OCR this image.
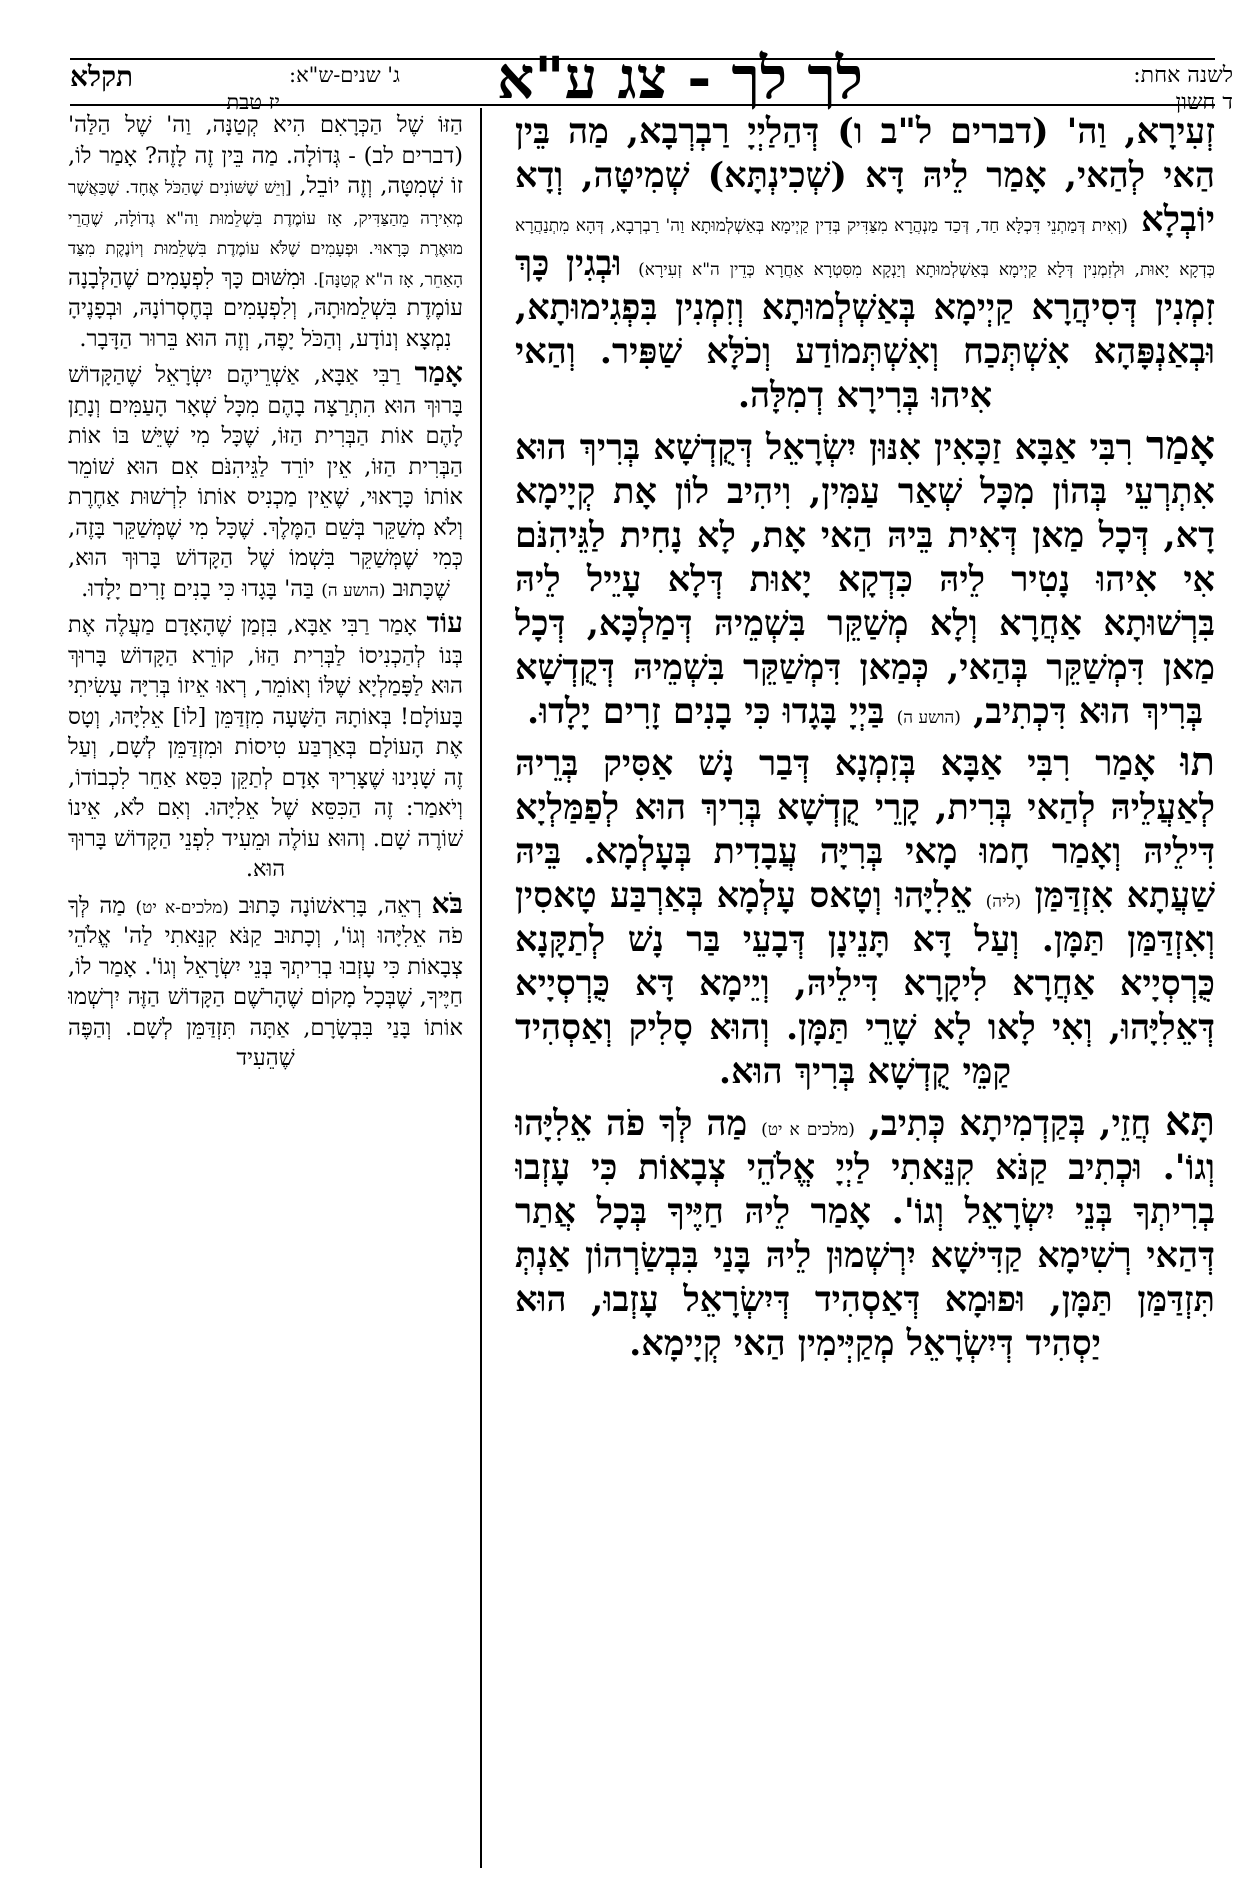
לשנה אחת:
ד חשון
לך לך - צג ע"א
ג' שנים-ש"א:
יז טבת
תקלא

זְעִירָא, וַה' (דברים ל"ב ו) דְּהַלַיְיָ רַבְרְבָא, מַה בֵּין הַאי לְהַאי, אָמַר לֵיהּ דָּא (שְׁכִינְתָּא) שְׁמִיטָּה, וְדָא יוֹבְלָא (וְאִית דְּמַתְנֵי דִּכְלָּא חַד, דְּכַד מַנְהֲרָא מִצַּדִּיק בְּדִין קַיְימָא בְּאַשְׁלְמוּתָא וַה' רַבְרְבָא, דְּהָא מִתְנַהֲרָא כְּדְקָא יָאוּת, וּלְזִמְנִין דְּלָא קַיְימָא בְּאַשְׁלְמוּתָא וְיַנְקָא מִסִּטְרָא אַחֲרָא כְּדֵין ה"א זְעִירָא) וּבְגִין כָּךְ זִמְנִין דְּסִיהֲרָא קַיְימָא בְּאַשְׁלְמוּתָא וְזִמְנִין בִּפְגִימוּתָא, וּבְאַנְפָּהָא אִשְׁתְּכַח וְאִשְׁתְּמוֹדַע וְכֹלָּא שַׁפִּיר. וְהַאי אִיהוּ בְּרִירָא דְמִלָּה.

אָמַר רִבִּי אַבָּא זַכָּאִין אִנּוּן יִשְׂרָאֵל דְּקֻדְשָׁא בְּרִיךְ הוּא אִתְרְעֵי בְּהוֹן מִכָּל שְׁאַר עַמִּין, וִיהִיב לוֹן אָת קְיָימָא דָא, דְּכָל מַאן דְּאִית בֵּיהּ הַאי אָת, לָא נָחִית לַגֵּיהִנֹּם אִי אִיהוּ נָטִיר לֵיהּ כִּדְקָא יָאוּת דְּלָא עָיֵיל לֵיהּ בִּרְשׁוּתָא אַחֲרָא וְלָא מְשַׁקֵּר בִּשְׁמֵיהּ דְּמַלְכָּא, דְּכָל מַאן דִּמְשַׁקֵּר בְּהַאי, כְּמַאן דִּמְשַׁקֵּר בִּשְׁמֵיהּ דְּקֻדְשָׁא בְּרִיךְ הוּא דִּכְתִיב, (הושע ה) בַּיְיָ בָּגָדוּ כִּי בָנִים זָרִים יָלָדוּ.

תוּ אָמַר רִבִּי אַבָּא בְּזִמְנָא דְּבַר נָשׁ אַסִּיק בְּרֵיהּ לְאַעֲלֵיהּ לְהַאי בְּרִית, קָרֵי קֻדְשָׁא בְּרִיךְ הוּא לְפַמַּלְיָא דִּילֵיהּ וְאָמַר חָמוּ מָאי בְּרִיָּה עֲבָדִית בְּעָלְמָא. בֵּיהּ שַׁעֲתָא אִזְדַּמַּן (ליה) אֵלִיָּהוּ וְטָאס עָלְמָא בְּאַרְבַּע טָאסִין וְאִזְדַּמַּן תַּמָּן. וְעַל דָּא תָּנֵינָן דְּבָעֵי בַּר נָשׁ לְתַקָּנָא כֻּרְסְיָיא אַחֲרָא לִיקָרָא דִּילֵיהּ, וְיֵימָא דָּא כֻּרְסְיָיא דְּאֵלִיָּהוּ, וְאִי לָאו לָא שָׁרֵי תַּמָּן. וְהוּא סָלִיק וְאַסְהִיד קַמֵּי קֻדְשָׁא בְּרִיךְ הוּא.

תָּא חֲזֵי, בְּקַדְמִיתָא כְּתִיב, (מלכים א יט) מַה לְּךָ פֹה אֵלִיָּהוּ וְגוֹ'. וּכְתִיב קַנֹּא קִנֵּאתִי לַיְיָ אֱלֹהֵי צְבָאוֹת כִּי עָזְבוּ בְרִיתְךָ בְּנֵי יִשְׂרָאֵל וְגוֹ'. אָמַר לֵיהּ חַיֶּיךָ בְּכָל אֲתַר דְּהַאי רְשִׁימָא קַדִּישָׁא יִרְשְׁמוּן לֵיהּ בָּנַי בִּבְשַׂרְהוֹן אַנְתְּ תִּזְדַּמַּן תַּמָּן, וּפוּמָא דְּאַסְהִיד דְּיִשְׂרָאֵל עָזְבוּ, הוּא יַסְהִיד דְּיִשְׂרָאֵל מְקַיְּימִין הַאי קְיָימָא.

הַזּוֹ שֶׁל הַכְּרָאִם הִיא קְטַנָּה, וַה' שֶׁל הַלַּה' (דברים לב) - גְּדוֹלָה. מַה בֵּין זֶה לָזֶה? אָמַר לוֹ, זוֹ שְׁמִטָּה, וְזֶה יוֹבֵל, [וְיֵשׁ שֶׁשּׁוֹנִים שֶׁהַכֹּל אֶחָד. שֶׁכַּאֲשֶׁר מְאִירָה מֵהַצַּדִּיק, אָז עוֹמֶדֶת בִּשְׁלֵמוּת וַה"א גְדוֹלָה, שֶׁהֲרֵי מוּאֶרֶת כָּרָאוּי. וּפְעָמִים שֶׁלֹּא עוֹמֶדֶת בִּשְׁלֵמוּת וְיוֹנֶקֶת מִצַּד הָאַחֵר, אָז ה"א קְטַנָּה]. וּמִשּׁוּם כָּךְ לִפְעָמִים שֶׁהַלְּבָנָה עוֹמֶדֶת בִּשְׁלֵמוּתָהּ, וְלִפְעָמִים בְּחֶסְרוֹנָהּ, וּבְפָנֶיהָ נִמְצָא וְנוֹדָע, וְהַכֹּל יָפֶה, וְזֶה הוּא בֵּרוּר הַדָּבָר.

אָמַר רַבִּי אַבָּא, אַשְׁרֵיהֶם יִשְׂרָאֵל שֶׁהַקָּדוֹשׁ בָּרוּךְ הוּא הִתְרַצָּה בָהֶם מִכָּל שְׁאָר הָעַמִּים וְנָתַן לָהֶם אוֹת הַבְּרִית הַזּוֹ, שֶׁכָּל מִי שֶׁיֵּשׁ בּוֹ אוֹת הַבְּרִית הַזּוֹ, אֵין יוֹרֵד לַגֵּיהִנֹּם אִם הוּא שׁוֹמֵר אוֹתוֹ כָּרָאוּי, שֶׁאֵין מַכְנִיס אוֹתוֹ לִרְשׁוּת אַחֶרֶת וְלֹא מְשַׁקֵּר בְּשֵׁם הַמֶּלֶךְ. שֶׁכָּל מִי שֶׁמְּשַׁקֵּר בָּזֶה, כְּמִי שֶׁמְּשַׁקֵּר בִּשְׁמוֹ שֶׁל הַקָּדוֹשׁ בָּרוּךְ הוּא, שֶׁכָּתוּב (הושע ה) בַּה' בָּגָדוּ כִּי בָנִים זָרִים יָלָדוּ.

עוֹד אָמַר רַבִּי אַבָּא, בִּזְמַן שֶׁהָאָדָם מַעֲלֶה אֶת בְּנוֹ לְהַכְנִיסוֹ לַבְּרִית הַזּוֹ, קוֹרֵא הַקָּדוֹשׁ בָּרוּךְ הוּא לַפָּמַלְיָא שֶׁלּוֹ וְאוֹמֵר, רְאוּ אֵיזוֹ בְּרִיָּה עָשִׂיתִי בָּעוֹלָם! בְּאוֹתָהּ הַשָּׁעָה מִזְדַּמֵּן [לוֹ] אֵלִיָּהוּ, וְטָס אֶת הָעוֹלָם בְּאַרְבַּע טִיסוֹת וּמִזְדַּמֵּן לְשָׁם, וְעַל זֶה שָׁנִינוּ שֶׁצָּרִיךְ אָדָם לְתַקֵּן כִּסֵּא אַחֵר לִכְבוֹדוֹ, וְיֹאמַר: זֶה הַכִּסֵּא שֶׁל אֵלִיָּהוּ. וְאִם לֹא, אֵינוֹ שׁוֹרֶה שָׁם. וְהוּא עוֹלֶה וּמֵעִיד לִפְנֵי הַקָּדוֹשׁ בָּרוּךְ הוּא.

בֹּא רְאֵה, בָּרִאשׁוֹנָה כָּתוּב (מלכים-א יט) מַה לְּךָ פֹה אֵלִיָּהוּ וְגוֹ', וְכָתוּב קַנֹּא קִנֵּאתִי לַה' אֱלֹהֵי צְבָאוֹת כִּי עָזְבוּ בְרִיתְךָ בְּנֵי יִשְׂרָאֵל וְגוֹ'. אָמַר לוֹ, חַיֶּיךָ, שֶׁבְּכָל מָקוֹם שֶׁהָרֹשֶׁם הַקָּדוֹשׁ הַזֶּה יִרְשְׁמוּ אוֹתוֹ בָּנַי בִּבְשָׂרָם, אַתָּה תִּזְדַּמֵּן לְשָׁם. וְהַפֶּה שֶׁהֵעִיד
